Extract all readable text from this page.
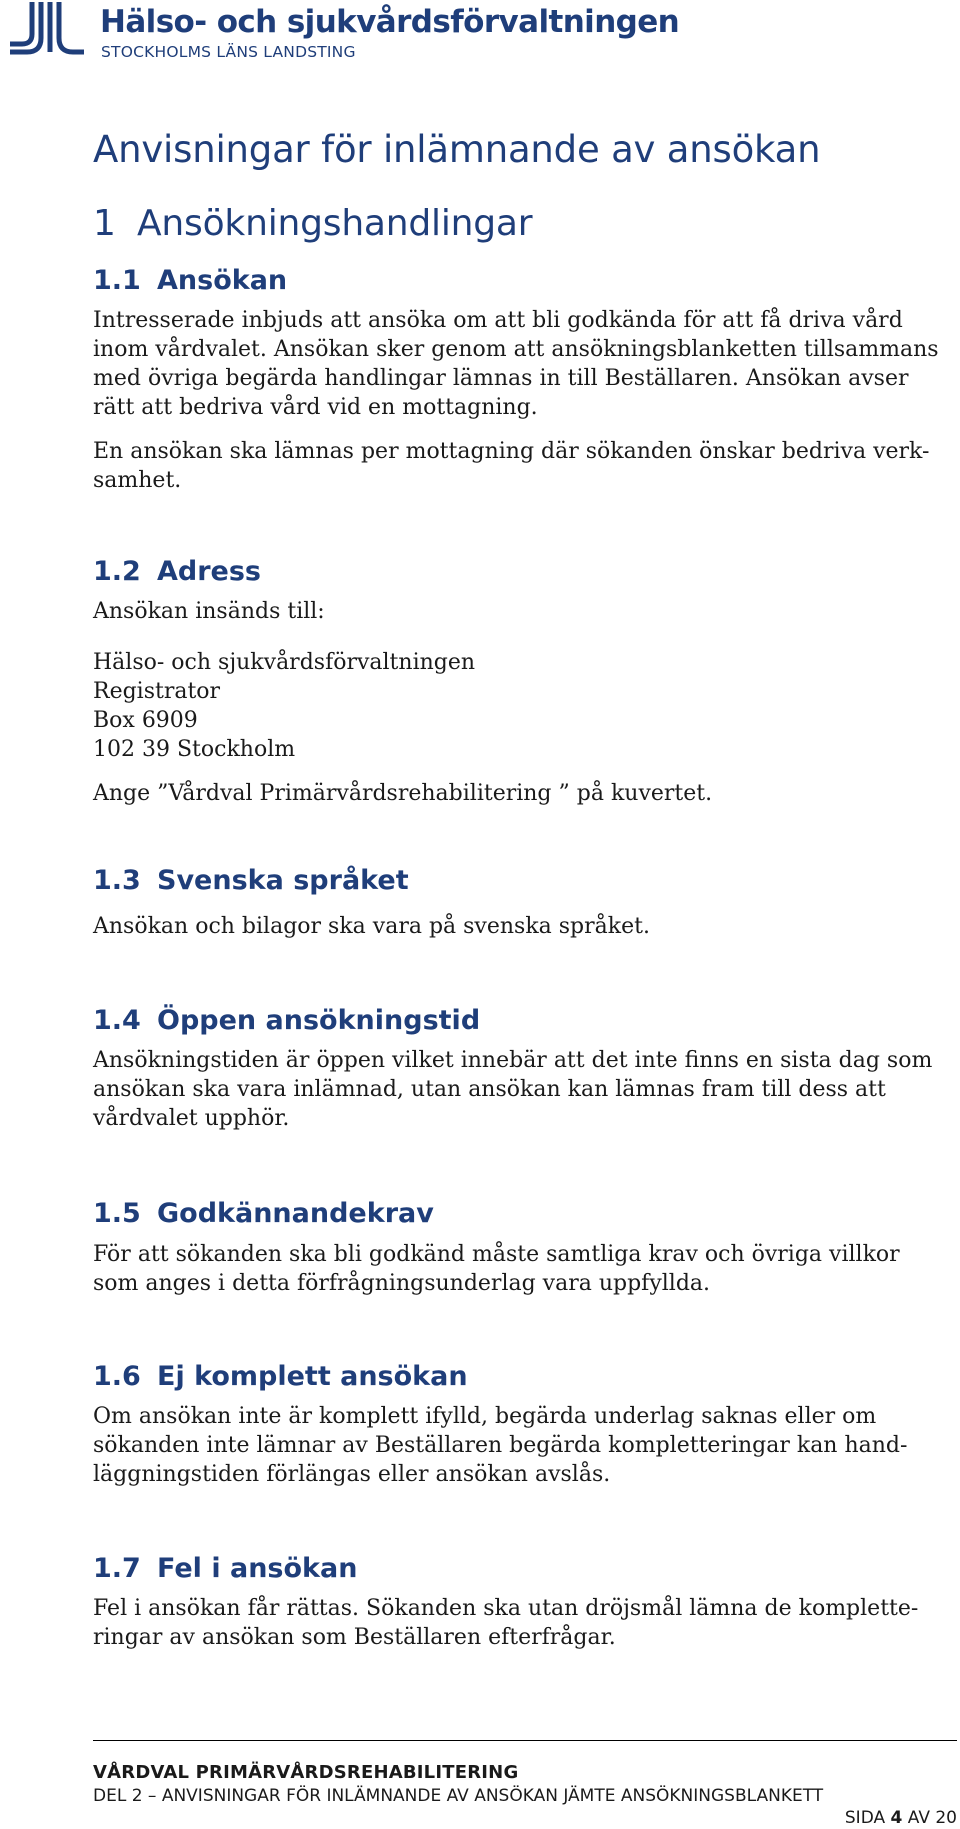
Hälso- och sjukvårdsförvaltningen
STOCKHOLMS LÄNS LANDSTING
Anvisningar för inlämnande av ansökan
1 Ansökningshandlingar
1.1 Ansökan

Intresserade inbjuds att ansöka om att bli godkända för att få driva vård
inom vårdvalet. Ansökan sker genom att ansökningsblanketten tillsammans
med övriga begärda handlingar lämnas in till Beställaren. Ansökan avser
rätt att bedriva vård vid en mottagning.

En ansökan ska lämnas per mottagning där sökanden önskar bedriva verk-
samhet.

1.2 Adress

Ansökan insänds till:

Hälso- och sjukvårdsförvaltningen
Registrator
Box 6909
102 39 Stockholm

Ange ”Vårdval Primärvårdsrehabilitering ” på kuvertet.

1.3 Svenska språket

Ansökan och bilagor ska vara på svenska språket.

1.4 Öppen ansökningstid

Ansökningstiden är öppen vilket innebär att det inte finns en sista dag som
ansökan ska vara inlämnad, utan ansökan kan lämnas fram till dess att
vårdvalet upphör.

1.5 Godkännandekrav

För att sökanden ska bli godkänd måste samtliga krav och övriga villkor
som anges i detta förfrågningsunderlag vara uppfyllda.

1.6 Ej komplett ansökan

Om ansökan inte är komplett ifylld, begärda underlag saknas eller om
sökanden inte lämnar av Beställaren begärda kompletteringar kan hand-
läggningstiden förlängas eller ansökan avslås.

1.7 Fel i ansökan

Fel i ansökan får rättas. Sökanden ska utan dröjsmål lämna de komplette-
ringar av ansökan som Beställaren efterfrågar.

VÅRDVAL PRIMÄRVÅRDSREHABILITERING
DEL 2 – ANVISNINGAR FÖR INLÄMNANDE AV ANSÖKAN JÄMTE ANSÖKNINGSBLANKETT
SIDA 4 AV 20
